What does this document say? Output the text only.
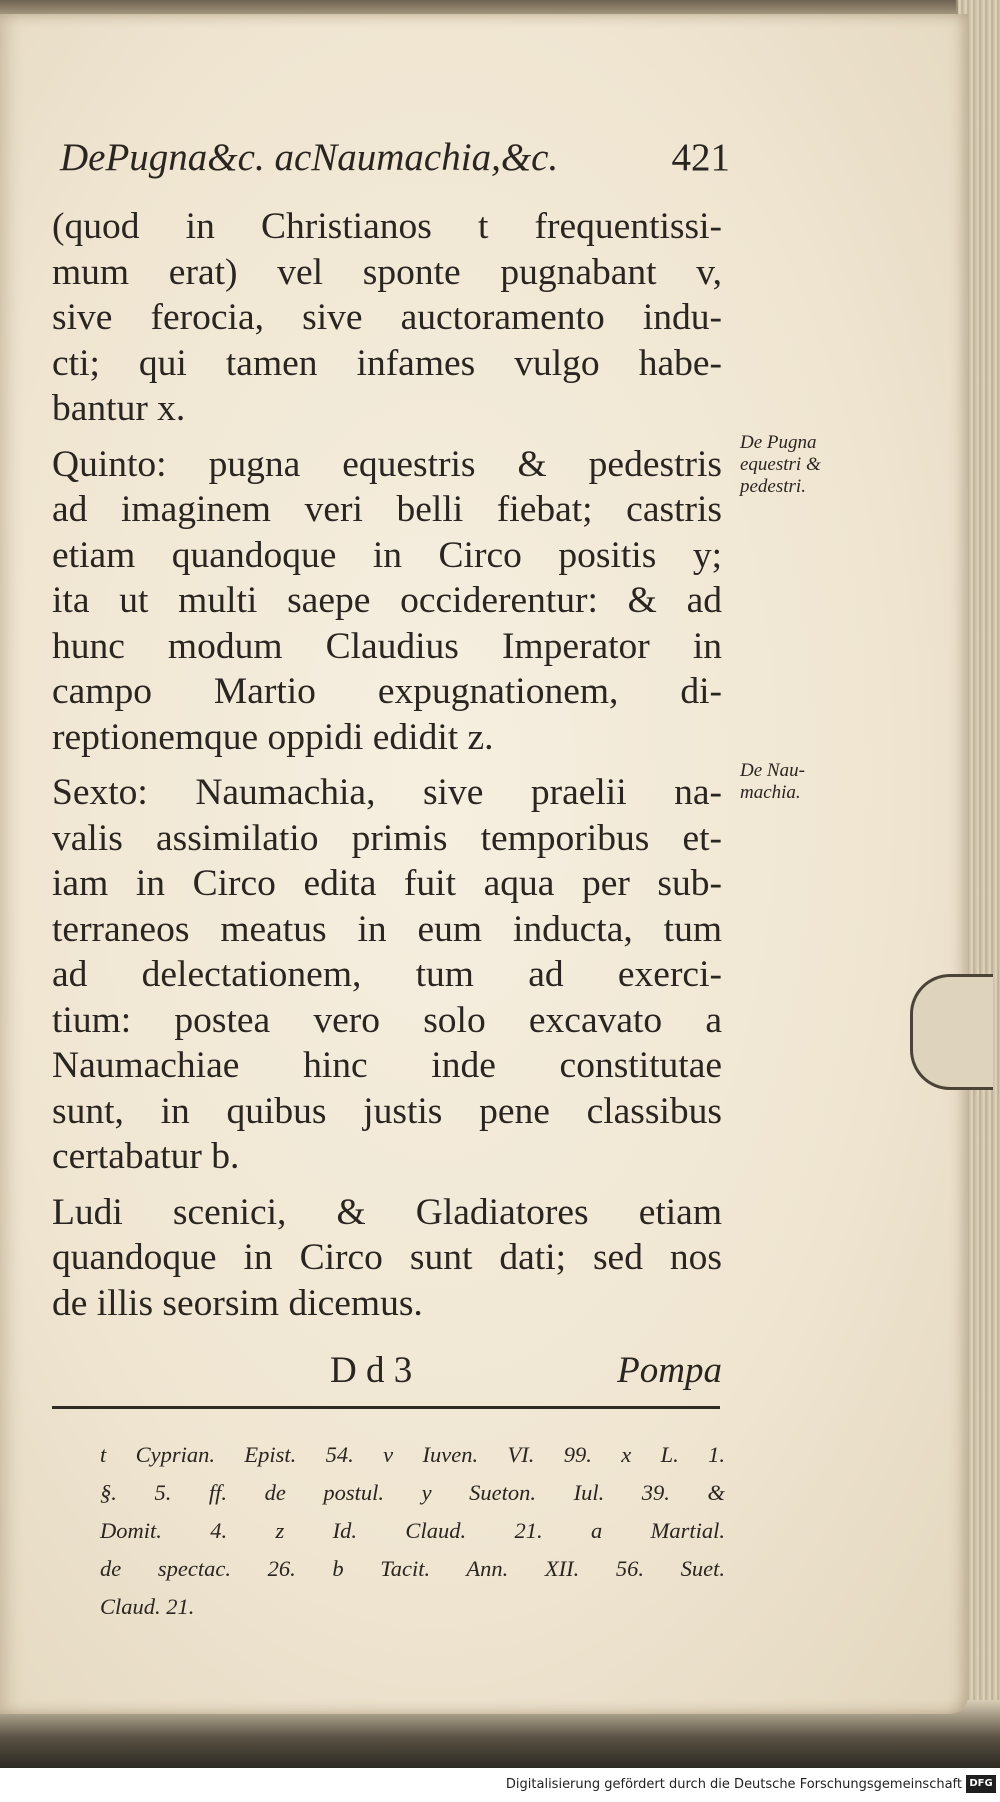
DePugna&c. acNaumachia,&c.	421
(quod in Christianos t frequentissi-
mum erat) vel sponte pugnabant v,
sive ferocia, sive auctoramento indu-
cti; qui tamen infames vulgo habe-
bantur x.
Quinto: pugna equestris & pedestris
ad imaginem veri belli fiebat; castris
etiam quandoque in Circo positis y;
ita ut multi saepe occiderentur: & ad
hunc modum Claudius Imperator in
campo Martio expugnationem, di-
reptionemque oppidi edidit z.
Sexto: Naumachia, sive praelii na-
valis assimilatio primis temporibus et-
iam in Circo edita fuit aqua per sub-
terraneos meatus in eum inducta, tum
ad delectationem, tum ad exerci-
tium: postea vero solo excavato a
Naumachiae hinc inde constitutae
sunt, in quibus justis pene classibus
certabatur b.
Ludi scenici, & Gladiatores etiam
quandoque in Circo sunt dati; sed nos
de illis seorsim dicemus.
De Pugna
equestri &
pedestri.
De Nau-
machia.
D d 3	Pompa
t Cyprian. Epist. 54. v Iuven. VI. 99. x L. 1.
§. 5. ff. de postul. y Sueton. Iul. 39. &
Domit. 4. z Id. Claud. 21. a Martial.
de spectac. 26. b Tacit. Ann. XII. 56. Suet.
Claud. 21.
Digitalisierung gefördert durch die Deutsche Forschungsgemeinschaft DFG
